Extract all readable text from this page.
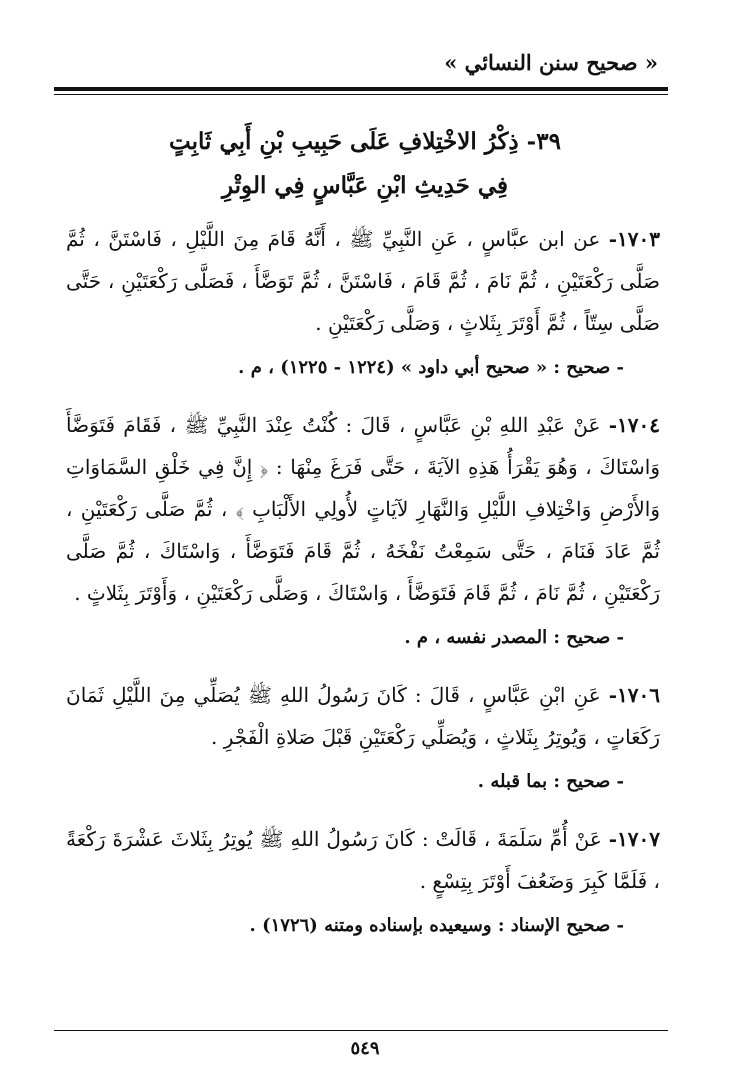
« صحيح سنن النسائي »
٣٩- ذِكْرُ الاخْتِلافِ عَلَى حَبِيبِ بْنِ أَبِي ثَابِتٍ
فِي حَدِيثِ ابْنِ عَبَّاسٍ فِي الوِتْرِ

١٧٠٣- عن ابن عبَّاسٍ ، عَنِ النَّبِيِّ ﷺ ، أَنَّهُ قَامَ مِنَ اللَّيْلِ ، فَاسْتَنَّ ، ثُمَّ صَلَّى رَكْعَتَيْنِ ، ثُمَّ نَامَ ، ثُمَّ قَامَ ، فَاسْتَنَّ ، ثُمَّ تَوَضَّأَ ، فَصَلَّى رَكْعَتَيْنِ ، حَتَّى صَلَّى سِتّاً ، ثُمَّ أَوْتَرَ بِثَلاثٍ ، وَصَلَّى رَكْعَتَيْنِ .

- صحيح : « صحيح أبي داود » (١٢٢٤ - ١٢٢٥) ، م .

١٧٠٤- عَنْ عَبْدِ اللهِ بْنِ عَبَّاسٍ ، قَالَ : كُنْتُ عِنْدَ النَّبِيِّ ﷺ ، فَقَامَ فَتَوَضَّأَ وَاسْتَاكَ ، وَهُوَ يَقْرَأُ هَذِهِ الآيَةَ ، حَتَّى فَرَغَ مِنْهَا : ﴿ إِنَّ فِي خَلْقِ السَّمَاوَاتِ وَالأَرْضِ وَاخْتِلافِ اللَّيْلِ وَالنَّهَارِ لآيَاتٍ لأُولِي الأَلْبَابِ ﴾ ، ثُمَّ صَلَّى رَكْعَتَيْنِ ، ثُمَّ عَادَ فَنَامَ ، حَتَّى سَمِعْتُ نَفْخَهُ ، ثُمَّ قَامَ فَتَوَضَّأَ ، وَاسْتَاكَ ، ثُمَّ صَلَّى رَكْعَتَيْنِ ، ثُمَّ نَامَ ، ثُمَّ قَامَ فَتَوَضَّأَ ، وَاسْتَاكَ ، وَصَلَّى رَكْعَتَيْنِ ، وَأَوْتَرَ بِثَلاثٍ .

- صحيح : المصدر نفسه ، م .

١٧٠٦- عَنِ ابْنِ عَبَّاسٍ ، قَالَ : كَانَ رَسُولُ اللهِ ﷺ يُصَلِّي مِنَ اللَّيْلِ ثَمَانَ رَكَعَاتٍ ، وَيُوتِرُ بِثَلاثٍ ، وَيُصَلِّي رَكْعَتَيْنِ قَبْلَ صَلاةِ الْفَجْرِ .

- صحيح : بما قبله .

١٧٠٧- عَنْ أُمِّ سَلَمَةَ ، قَالَتْ : كَانَ رَسُولُ اللهِ ﷺ يُوتِرُ بِثَلاثَ عَشْرَةَ رَكْعَةً ، فَلَمَّا كَبِرَ وَضَعُفَ أَوْتَرَ بِتِسْعٍ .

- صحيح الإسناد : وسيعيده بإسناده ومتنه (١٧٢٦) .
٥٤٩
